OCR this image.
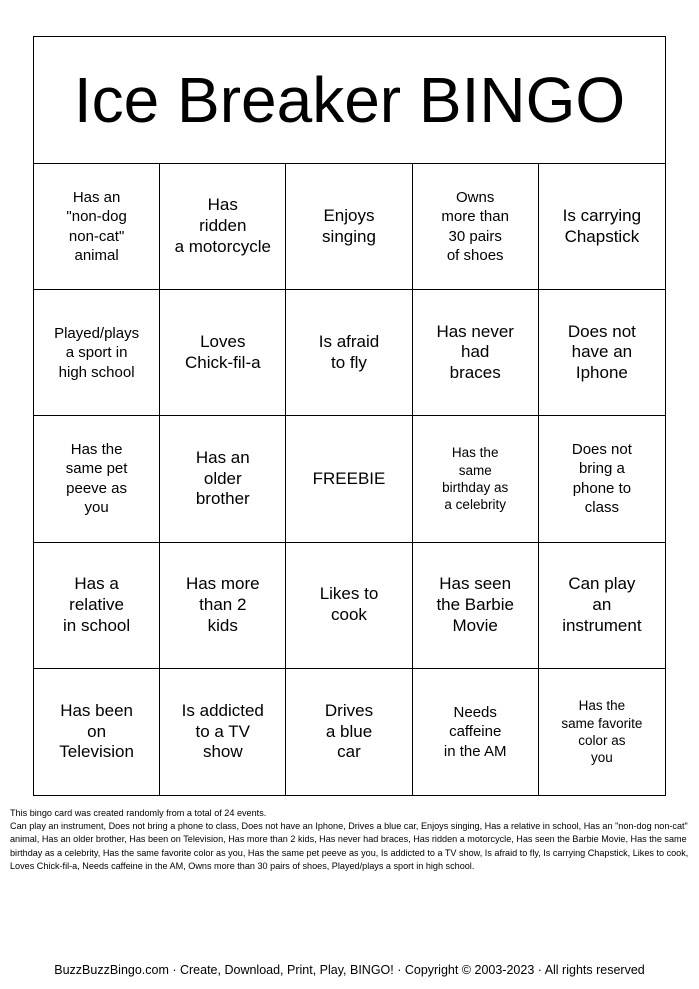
Ice Breaker BINGO
Has an
"non-dog
non-cat"
animal
Has
ridden
a motorcycle
Enjoys
singing
Owns
more than
30 pairs
of shoes
Is carrying
Chapstick
Played/plays
a sport in
high school
Loves
Chick-fil-a
Is afraid
to fly
Has never
had
braces
Does not
have an
Iphone
Has the
same pet
peeve as
you
Has an
older
brother
FREEBIE
Has the
same
birthday as
a celebrity
Does not
bring a
phone to
class
Has a
relative
in school
Has more
than 2
kids
Likes to
cook
Has seen
the Barbie
Movie
Can play
an
instrument
Has been
on
Television
Is addicted
to a TV
show
Drives
a blue
car
Needs
caffeine
in the AM
Has the
same favorite
color as
you

This bingo card was created randomly from a total of 24 events.

Can play an instrument, Does not bring a phone to class, Does not have an Iphone, Drives a blue car, Enjoys singing, Has a relative in school, Has an "non-dog non-cat" animal, Has an older brother, Has been on Television, Has more than 2 kids, Has never had braces, Has ridden a motorcycle, Has seen the Barbie Movie, Has the same birthday as a celebrity, Has the same favorite color as you, Has the same pet peeve as you, Is addicted to a TV show, Is afraid to fly, Is carrying Chapstick, Likes to cook, Loves Chick-fil-a, Needs caffeine in the AM, Owns more than 30 pairs of shoes, Played/plays a sport in high school.

BuzzBuzzBingo.com · Create, Download, Print, Play, BINGO! · Copyright © 2003-2023 · All rights reserved
